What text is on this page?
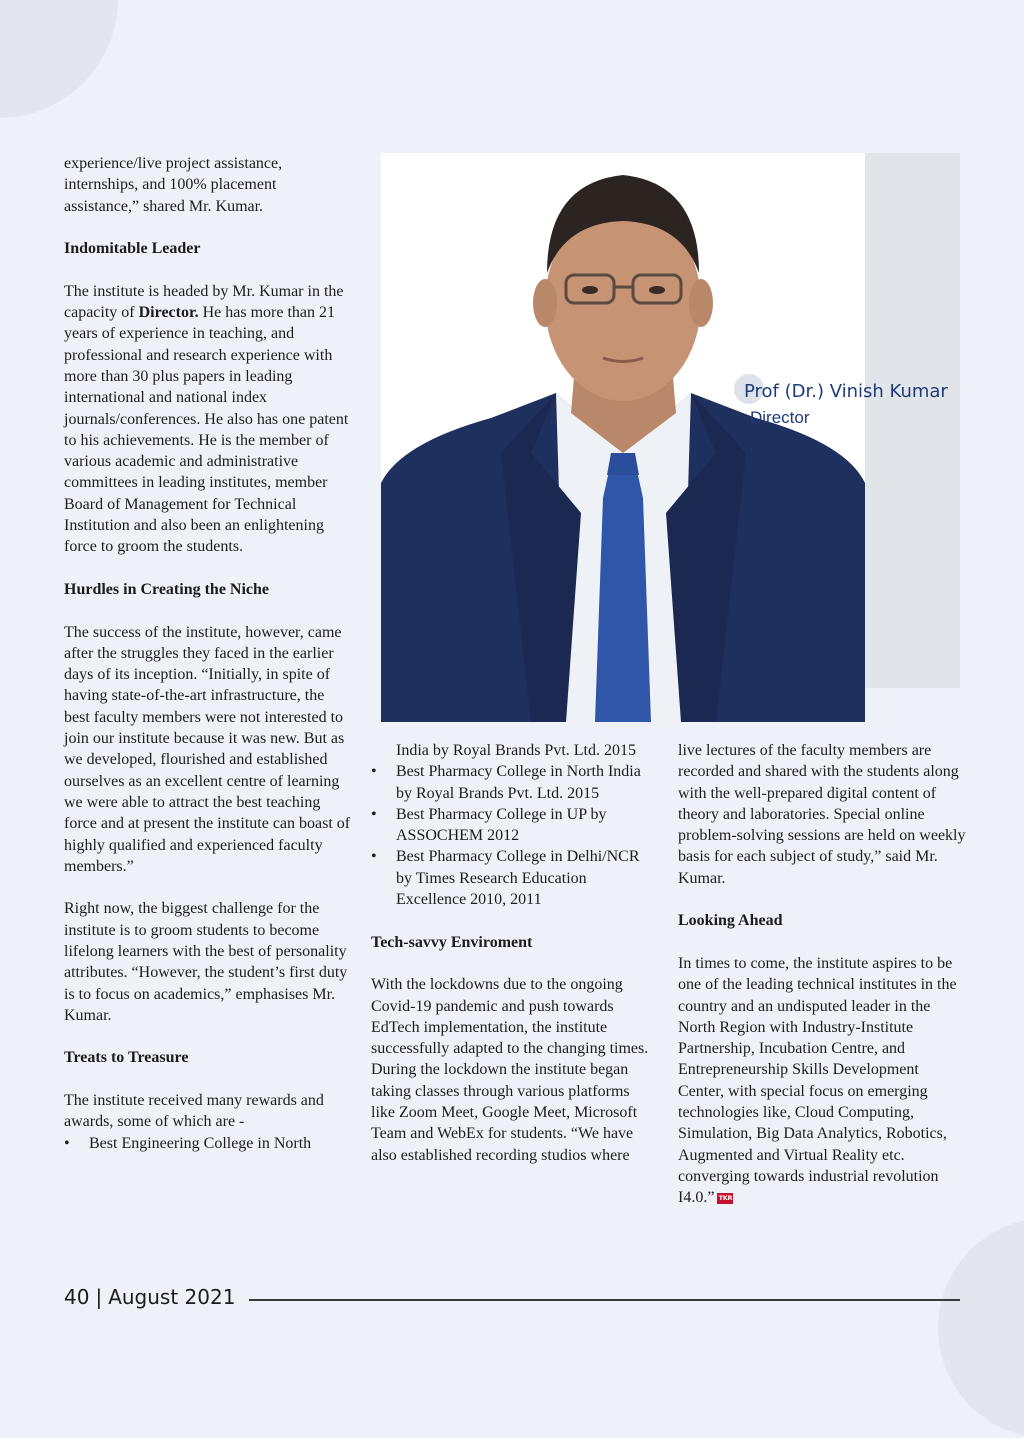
experience/live project assistance, internships, and 100% placement assistance,” shared Mr. Kumar.

Indomitable Leader

The institute is headed by Mr. Kumar in the capacity of Director. He has more than 21 years of experience in teaching, and professional and research experience with more than 30 plus papers in leading international and national index journals/conferences. He also has one patent to his achievements. He is the member of various academic and administrative committees in leading institutes, member Board of Management for Technical Institution and also been an enlightening force to groom the students.

Hurdles in Creating the Niche

The success of the institute, however, came after the struggles they faced in the earlier days of its inception. “Initially, in spite of having state-of-the-art infrastructure, the best faculty members were not interested to join our institute because it was new. But as we developed, flourished and established ourselves as an excellent centre of learning we were able to attract the best teaching force and at present the institute can boast of highly qualified and experienced faculty members.”

Right now, the biggest challenge for the institute is to groom students to become lifelong learners with the best of personality attributes. “However, the student’s first duty is to focus on academics,” emphasises Mr. Kumar.

Treats to Treasure

The institute received many rewards and awards, some of which are -

• Best Engineering College in North
Prof (Dr.) Vinish Kumar
Director
India by Royal Brands Pvt. Ltd. 2015
• Best Pharmacy College in North India by Royal Brands Pvt. Ltd. 2015
• Best Pharmacy College in UP by ASSOCHEM 2012
• Best Pharmacy College in Delhi/NCR by Times Research Education Excellence 2010, 2011

Tech-savvy Enviroment

With the lockdowns due to the ongoing Covid-19 pandemic and push towards EdTech implementation, the institute successfully adapted to the changing times. During the lockdown the institute began taking classes through various platforms like Zoom Meet, Google Meet, Microsoft Team and WebEx for students. “We have also established recording studios where

live lectures of the faculty members are recorded and shared with the students along with the well-prepared digital content of theory and laboratories. Special online problem-solving sessions are held on weekly basis for each subject of study,” said Mr. Kumar.

Looking Ahead

In times to come, the institute aspires to be one of the leading technical institutes in the country and an undisputed leader in the North Region with Industry-Institute Partnership, Incubation Centre, and Entrepreneurship Skills Development Center, with special focus on emerging technologies like, Cloud Computing, Simulation, Big Data Analytics, Robotics, Augmented and Virtual Reality etc. converging towards industrial revolution I4.0.” TKR

40 | August 2021
